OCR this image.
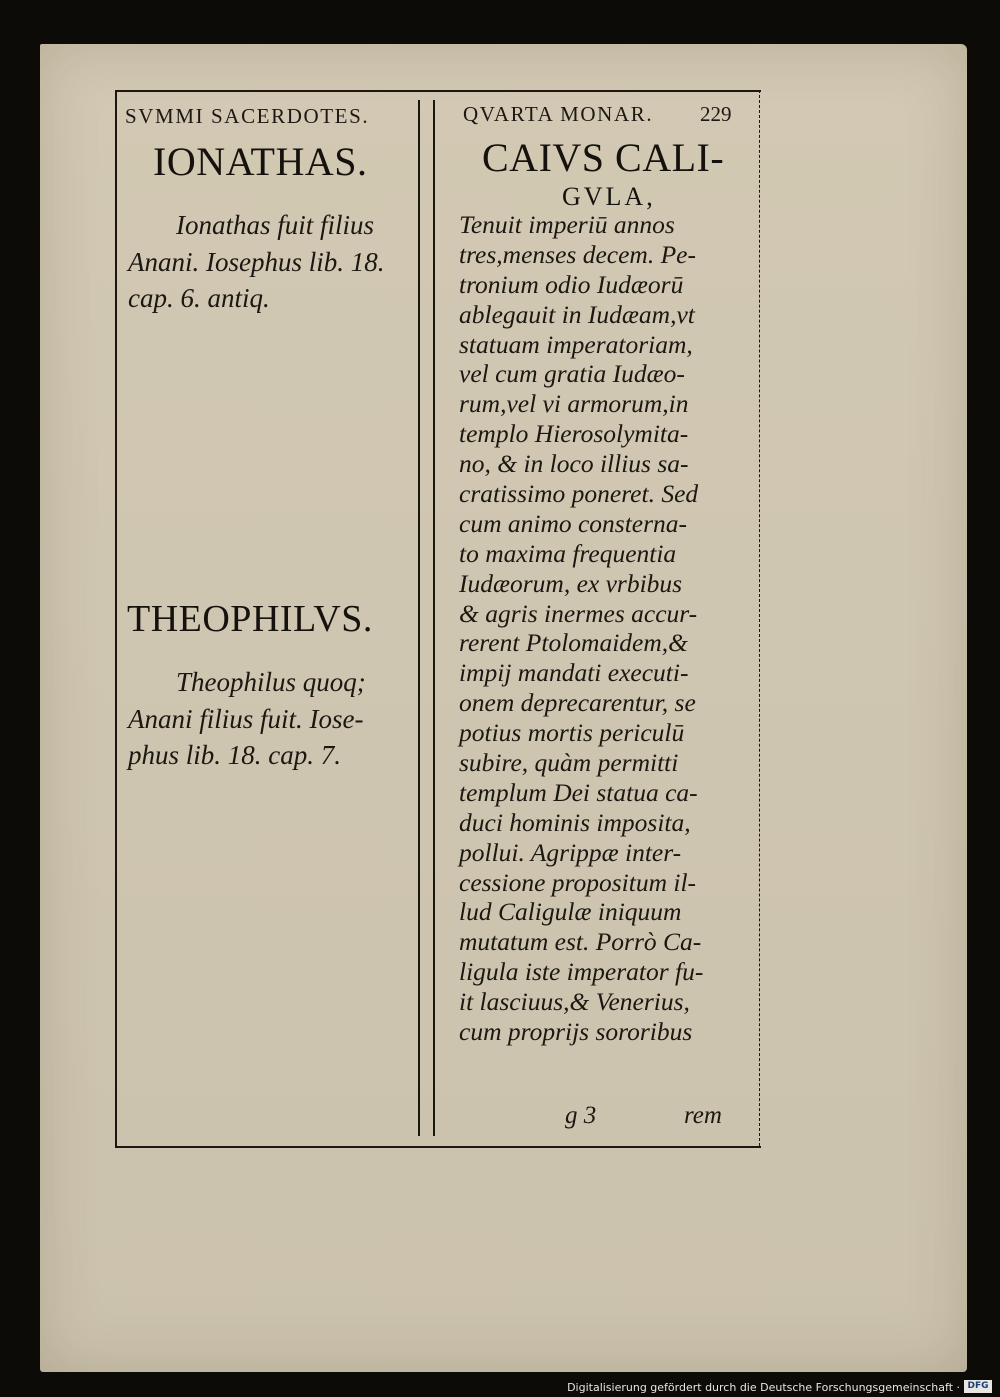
SVMMI SACERDOTES.	QVARTA MONAR. 229
IONATHAS.
Ionathas fuit filius
Anani. Iosephus lib. 18.
cap. 6. antiq.
THEOPHILVS.
Theophilus quoq;
Anani filius fuit. Iose-
phus lib. 18. cap. 7.
CAIVS CALI-
GVLA,
Tenuit imperiū annos
tres,menses decem. Pe-
tronium odio Iudæorū
ablegauit in Iudæam,vt
statuam imperatoriam,
vel cum gratia Iudæo-
rum,vel vi armorum,in
templo Hierosolymita-
no, & in loco illius sa-
cratissimo poneret. Sed
cum animo consterna-
to maxima frequentia
Iudæorum, ex vrbibus
& agris inermes accur-
rerent Ptolomaidem,&
impij mandati executi-
onem deprecarentur, se
potius mortis periculū
subire, quàm permitti
templum Dei statua ca-
duci hominis imposita,
pollui. Agrippæ inter-
cessione propositum il-
lud Caligulæ iniquum
mutatum est. Porrò Ca-
ligula iste imperator fu-
it lasciuus,& Venerius,
cum proprijs sororibus
g 3	rem
Digitalisierung gefördert durch die Deutsche Forschungsgemeinschaft · DFG
